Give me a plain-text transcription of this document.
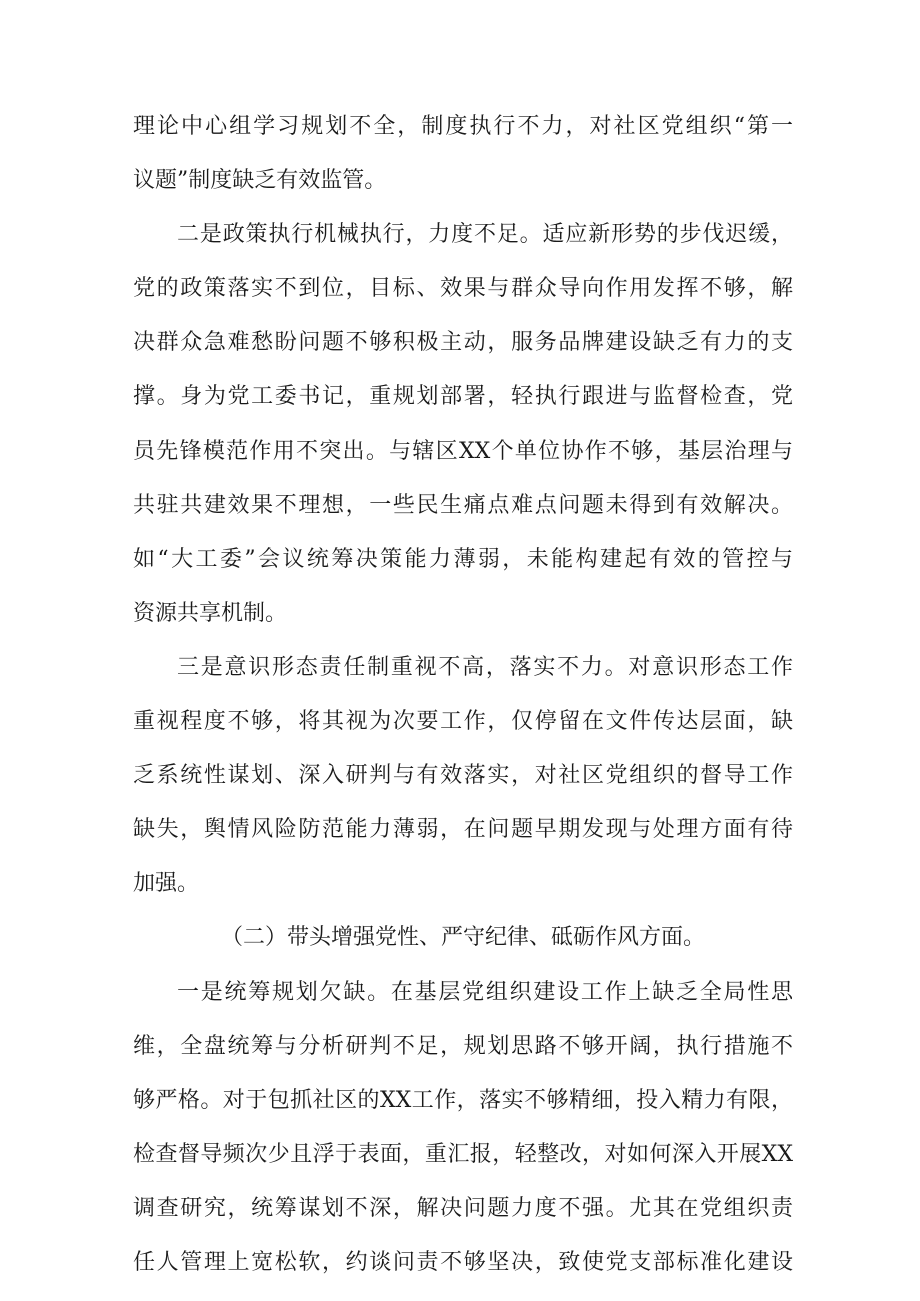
理论中心组学习规划不全，制度执行不力，对社区党组织“第一
议题”制度缺乏有效监管。
二是政策执行机械执行，力度不足。适应新形势的步伐迟缓，
党的政策落实不到位，目标、效果与群众导向作用发挥不够，解
决群众急难愁盼问题不够积极主动，服务品牌建设缺乏有力的支
撑。身为党工委书记，重规划部署，轻执行跟进与监督检查，党
员先锋模范作用不突出。与辖区XX个单位协作不够，基层治理与
共驻共建效果不理想，一些民生痛点难点问题未得到有效解决。
如“大工委”会议统筹决策能力薄弱，未能构建起有效的管控与
资源共享机制。
三是意识形态责任制重视不高，落实不力。对意识形态工作
重视程度不够，将其视为次要工作，仅停留在文件传达层面，缺
乏系统性谋划、深入研判与有效落实，对社区党组织的督导工作
缺失，舆情风险防范能力薄弱，在问题早期发现与处理方面有待
加强。
（二）带头增强党性、严守纪律、砥砺作风方面。
一是统筹规划欠缺。在基层党组织建设工作上缺乏全局性思
维，全盘统筹与分析研判不足，规划思路不够开阔，执行措施不
够严格。对于包抓社区的XX工作，落实不够精细，投入精力有限，
检查督导频次少且浮于表面，重汇报，轻整改，对如何深入开展XX
调查研究，统筹谋划不深，解决问题力度不强。尤其在党组织责
任人管理上宽松软，约谈问责不够坚决，致使党支部标准化建设
